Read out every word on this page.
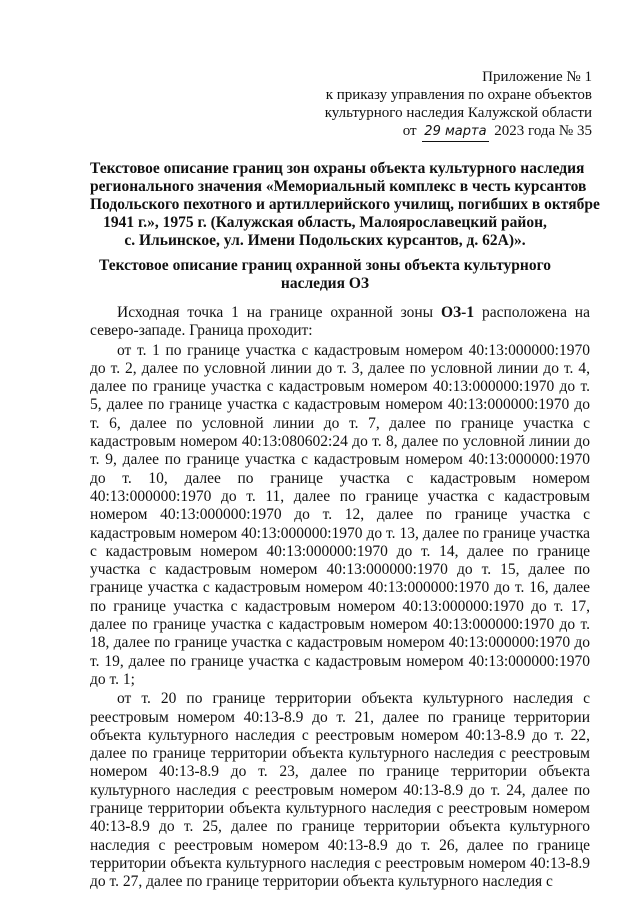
Приложение № 1
к приказу управления по охране объектов
культурного наследия Калужской области
от 29 марта 2023 года № 35
Текстовое описание границ зон охраны объекта культурного наследия
регионального значения «Мемориальный комплекс в честь курсантов
Подольского пехотного и артиллерийского училищ, погибших в октябре
1941 г.», 1975 г. (Калужская область, Малоярославецкий район,
с. Ильинское, ул. Имени Подольских курсантов, д. 62А)».
Текстовое описание границ охранной зоны объекта культурного
наследия ОЗ

Исходная точка 1 на границе охранной зоны ОЗ-1 расположена на северо-западе. Граница проходит:

от т. 1 по границе участка с кадастровым номером 40:13:000000:1970 до т. 2, далее по условной линии до т. 3, далее по условной линии до т. 4, далее по границе участка с кадастровым номером 40:13:000000:1970 до т. 5, далее по границе участка с кадастровым номером 40:13:000000:1970 до т. 6, далее по условной линии до т. 7, далее по границе участка с кадастровым номером 40:13:080602:24 до т. 8, далее по условной линии до т. 9, далее по границе участка с кадастровым номером 40:13:000000:1970 до т. 10, далее по границе участка с кадастровым номером 40:13:000000:1970 до т. 11, далее по границе участка с кадастровым номером 40:13:000000:1970 до т. 12, далее по границе участка с кадастровым номером 40:13:000000:1970 до т. 13, далее по границе участка с кадастровым номером 40:13:000000:1970 до т. 14, далее по границе участка с кадастровым номером 40:13:000000:1970 до т. 15, далее по границе участка с кадастровым номером 40:13:000000:1970 до т. 16, далее по границе участка с кадастровым номером 40:13:000000:1970 до т. 17, далее по границе участка с кадастровым номером 40:13:000000:1970 до т. 18, далее по границе участка с кадастровым номером 40:13:000000:1970 до т. 19, далее по границе участка с кадастровым номером 40:13:000000:1970 до т. 1;

от т. 20 по границе территории объекта культурного наследия с реестровым номером 40:13-8.9 до т. 21, далее по границе территории объекта культурного наследия с реестровым номером 40:13-8.9 до т. 22, далее по границе территории объекта культурного наследия с реестровым номером 40:13-8.9 до т. 23, далее по границе территории объекта культурного наследия с реестровым номером 40:13-8.9 до т. 24, далее по границе территории объекта культурного наследия с реестровым номером 40:13-8.9 до т. 25, далее по границе территории объекта культурного наследия с реестровым номером 40:13-8.9 до т. 26, далее по границе территории объекта культурного наследия с реестровым номером 40:13-8.9 до т. 27, далее по границе территории объекта культурного наследия с
